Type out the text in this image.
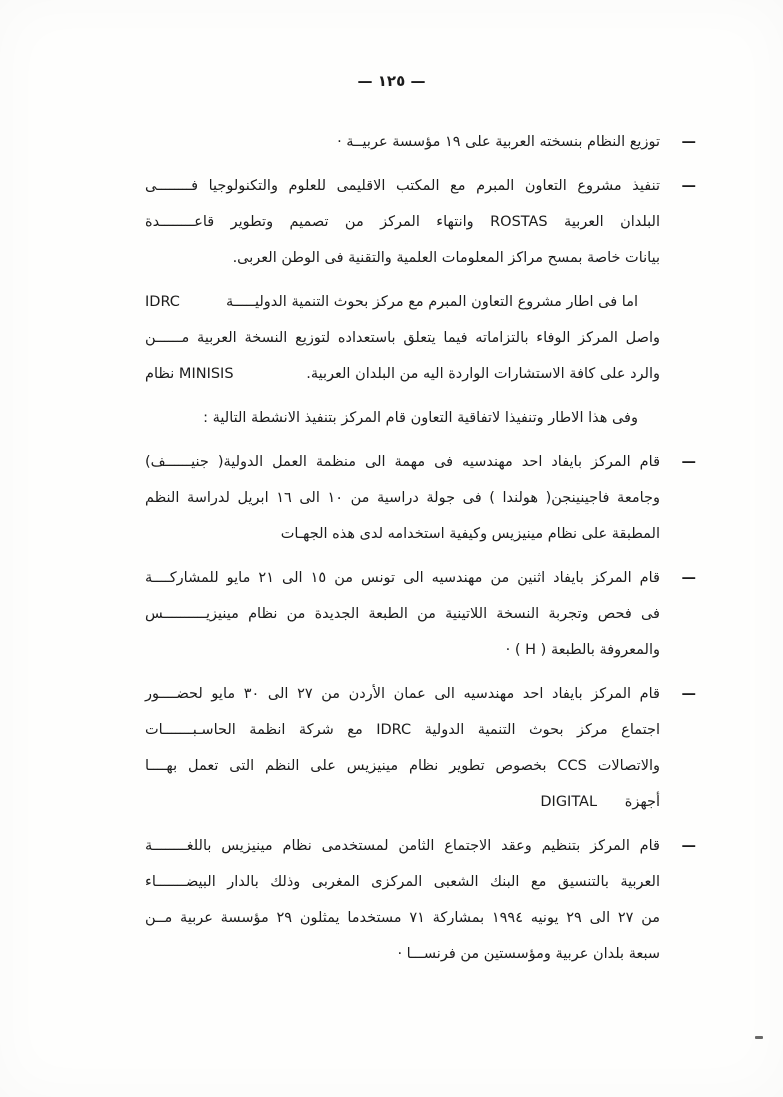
— ١٢٥ —
—
توزيع النظام بنسخته العربية على ١٩ مؤسسة عربيــة ·
—
تنفيذ مشروع التعاون المبرم مع المكتب الاقليمى للعلوم والتكنولوجيا فــــــــى
البلدان العربية ROSTAS وانتهاء المركز من تصميم وتطوير قاعــــــــدة
بيانات خاصة بمسح مراكز المعلومات العلمية والتقنية فى الوطن العربى.
اما فى اطار مشروع التعاون المبرم مع مركز بحوث التنمية الدوليـــــة
IDRC
واصل المركز الوفاء بالتزاماته فيما يتعلق باستعداده لتوزيع النسخة العربية مــــــن
والرد على كافة الاستشارات الواردة اليه من البلدان العربية.
نظام MINISIS
وفى هذا الاطار وتنفيذا لاتفاقية التعاون قام المركز بتنفيذ الانشطة التالية :
—
قام المركز بايفاد احد مهندسيه فى مهمة الى منظمة العمل الدولية( جنيــــــف)
وجامعة فاجينينجن( هولندا ) فى جولة دراسية من ١٠ الى ١٦ ابريل لدراسة النظم
المطبقة على نظام مينيزيس وكيفية استخدامه لدى هذه الجهـات
—
قام المركز بايفاد اثنين من مهندسيه الى تونس من ١٥ الى ٢١ مايو للمشاركــــة
فى فحص وتجربة النسخة اللاتينية من الطبعة الجديدة من نظام مينيزيــــــــــس
والمعروفة بالطبعة ( H ) ·
—
قام المركز بايفاد احد مهندسيه الى عمان الأردن من ٢٧ الى ٣٠ مايو لحضــــور
اجتماع مركز بحوث التنمية الدولية IDRC مع شركة انظمة الحاسـبـــــــات
والاتصالات CCS بخصوص تطوير نظام مينيزيس على النظم التى تعمل بهــــا
أجهزة      DIGITAL
—
قام المركز بتنظيم وعقد الاجتماع الثامن لمستخدمى نظام مينيزيس باللغــــــــة
العربية بالتنسيق مع البنك الشعبى المركزى المغربى وذلك بالدار البيضـــــــاء
من ٢٧ الى ٢٩ يونيه ١٩٩٤ بمشاركة ٧١ مستخدما يمثلون ٢٩ مؤسسة عربية مــن
سبعة بلدان عربية ومؤسستين من فرنســـا ·
